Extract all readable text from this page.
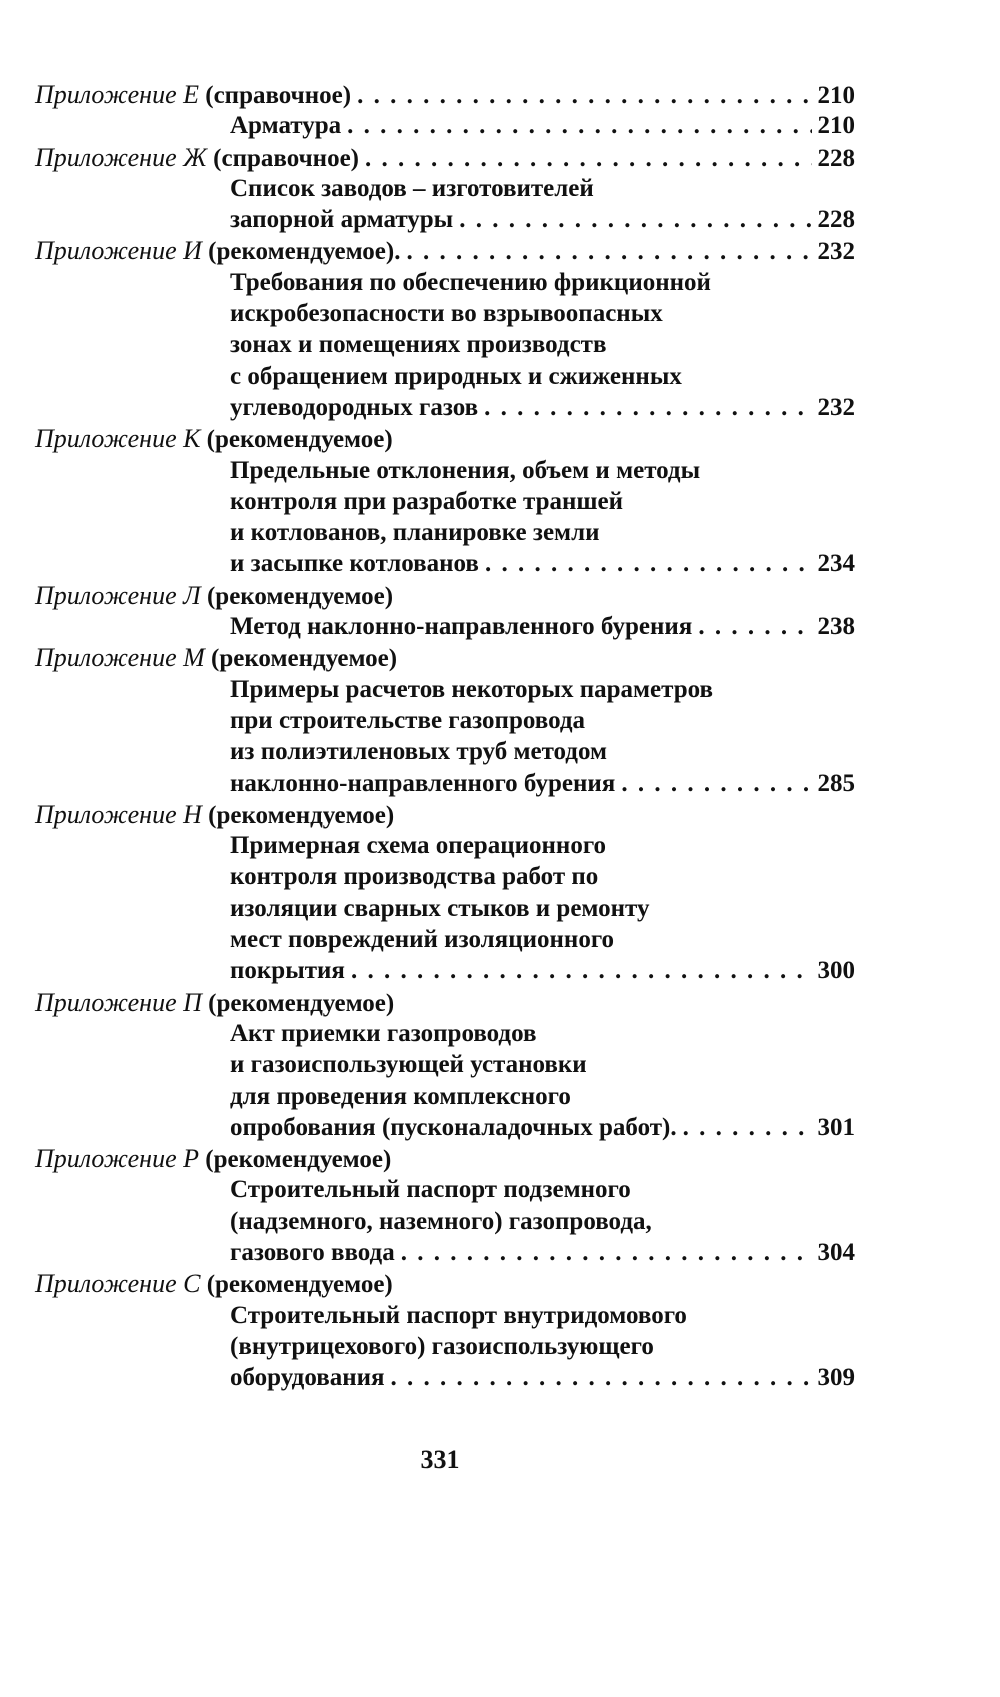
Приложение Е (справочное) . . .	210
Арматура . . .	210
Приложение Ж (справочное) . . .	228
Список заводов – изготовителей
запорной арматуры . . .	228
Приложение И (рекомендуемое). . . .	232
Требования по обеспечению фрикционной
искробезопасности во взрывоопасных
зонах и помещениях производств
с обращением природных и сжиженных
углеводородных газов . . .	232
Приложение К (рекомендуемое)
Предельные отклонения, объем и методы
контроля при разработке траншей
и котлованов, планировке земли
и засыпке котлованов . . .	234
Приложение Л (рекомендуемое)
Метод наклонно-направленного бурения . . .	238
Приложение М (рекомендуемое)
Примеры расчетов некоторых параметров
при строительстве газопровода
из полиэтиленовых труб методом
наклонно-направленного бурения . . .	285
Приложение Н (рекомендуемое)
Примерная схема операционного
контроля производства работ по
изоляции сварных стыков и ремонту
мест повреждений изоляционного
покрытия . . .	300
Приложение П (рекомендуемое)
Акт приемки газопроводов
и газоиспользующей установки
для проведения комплексного
опробования (пусконаладочных работ). . . .	301
Приложение Р (рекомендуемое)
Строительный паспорт подземного
(надземного, наземного) газопровода,
газового ввода . . .	304
Приложение С (рекомендуемое)
Строительный паспорт внутридомового
(внутрицехового) газоиспользующего
оборудования . . .	309
331
